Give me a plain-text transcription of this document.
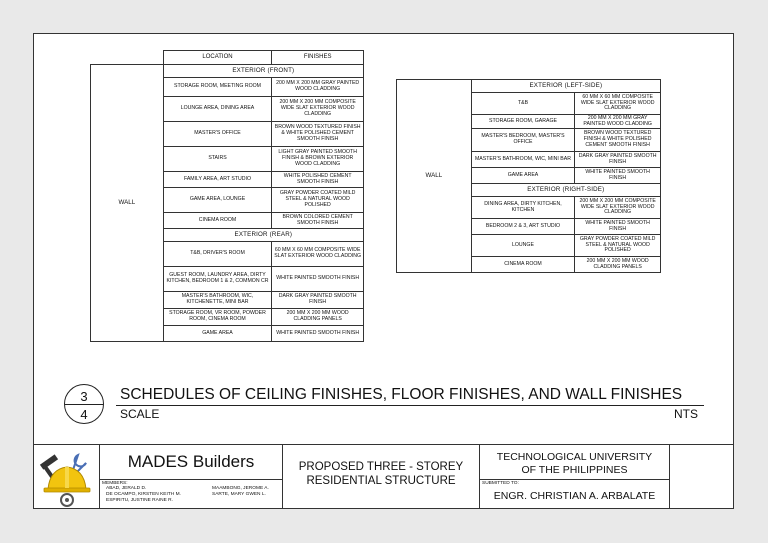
	LOCATION	FINISHES
WALL	EXTERIOR (FRONT)	
	STORAGE ROOM, MEETING ROOM	200 MM X 200 MM GRAY PAINTED WOOD CLADDING
	LOUNGE AREA, DINING AREA	200 MM X 200 MM COMPOSITE WIDE SLAT EXTERIOR WOOD CLADDING
	MASTER'S OFFICE	BROWN WOOD TEXTURED FINISH & WHITE POLISHED CEMENT SMOOTH FINISH
	STAIRS	LIGHT GRAY PAINTED SMOOTH FINISH & BROWN EXTERIOR WOOD CLADDING
	FAMILY AREA, ART STUDIO	WHITE POLISHED CEMENT SMOOTH FINISH
	GAME AREA, LOUNGE	GRAY POWDER COATED MILD STEEL & NATURAL WOOD POLISHED
	CINEMA ROOM	BROWN COLORED CEMENT SMOOTH FINISH
	EXTERIOR (REAR)	
	T&B, DRIVER'S ROOM	60 MM X 60 MM COMPOSITE WIDE SLAT EXTERIOR WOOD CLADDING
	GUEST ROOM, LAUNDRY AREA, DIRTY KITCHEN, BEDROOM 1 & 2, COMMON CR	WHITE PAINTED SMOOTH FINISH
	MASTER'S BATHROOM, WIC, KITCHENETTE, MINI BAR	DARK GRAY PAINTED SMOOTH FINISH
	STORAGE ROOM, VR ROOM, POWDER ROOM, CINEMA ROOM	200 MM X 200 MM WOOD CLADDING PANELS
	GAME AREA	WHITE PAINTED SMOOTH FINISH
WALL	EXTERIOR (LEFT-SIDE)	
	T&B	60 MM X 60 MM COMPOSITE WIDE SLAT EXTERIOR WOOD CLADDING
	STORAGE ROOM, GARAGE	200 MM X 200 MM GRAY PAINTED WOOD CLADDING
	MASTER'S BEDROOM, MASTER'S OFFICE	BROWN WOOD TEXTURED FINISH & WHITE POLISHED CEMENT SMOOTH FINISH
	MASTER'S BATHROOM, WIC, MINI BAR	DARK GRAY PAINTED SMOOTH FINISH
	GAME AREA	WHITE PAINTED SMOOTH FINISH
	EXTERIOR (RIGHT-SIDE)	
	DINING AREA, DIRTY KITCHEN, KITCHEN	200 MM X 200 MM COMPOSITE WIDE SLAT EXTERIOR WOOD CLADDING
	BEDROOM 2 & 3, ART STUDIO	WHITE PAINTED SMOOTH FINISH
	LOUNGE	GRAY POWDER COATED MILD STEEL & NATURAL WOOD POLISHED
	CINEMA ROOM	200 MM X 200 MM WOOD CLADDING PANELS
3
4
SCHEDULES OF CEILING FINISHES, FLOOR FINISHES, AND WALL FINISHES
SCALE	NTS
MADES Builders
MEMBERS:
ABAD, JERALD D.
DE OCAMPO, KIRSTEN KEITH M.
ESPIRITU, JUSTINE RAINE R.
MAAMBONG, JEROME A.
SARTE, MARY GWEN L.
PROPOSED THREE - STOREY
RESIDENTIAL STRUCTURE
TECHNOLOGICAL UNIVERSITY
OF THE PHILIPPINES
SUBMITTED TO:
ENGR. CHRISTIAN A. ARBALATE
